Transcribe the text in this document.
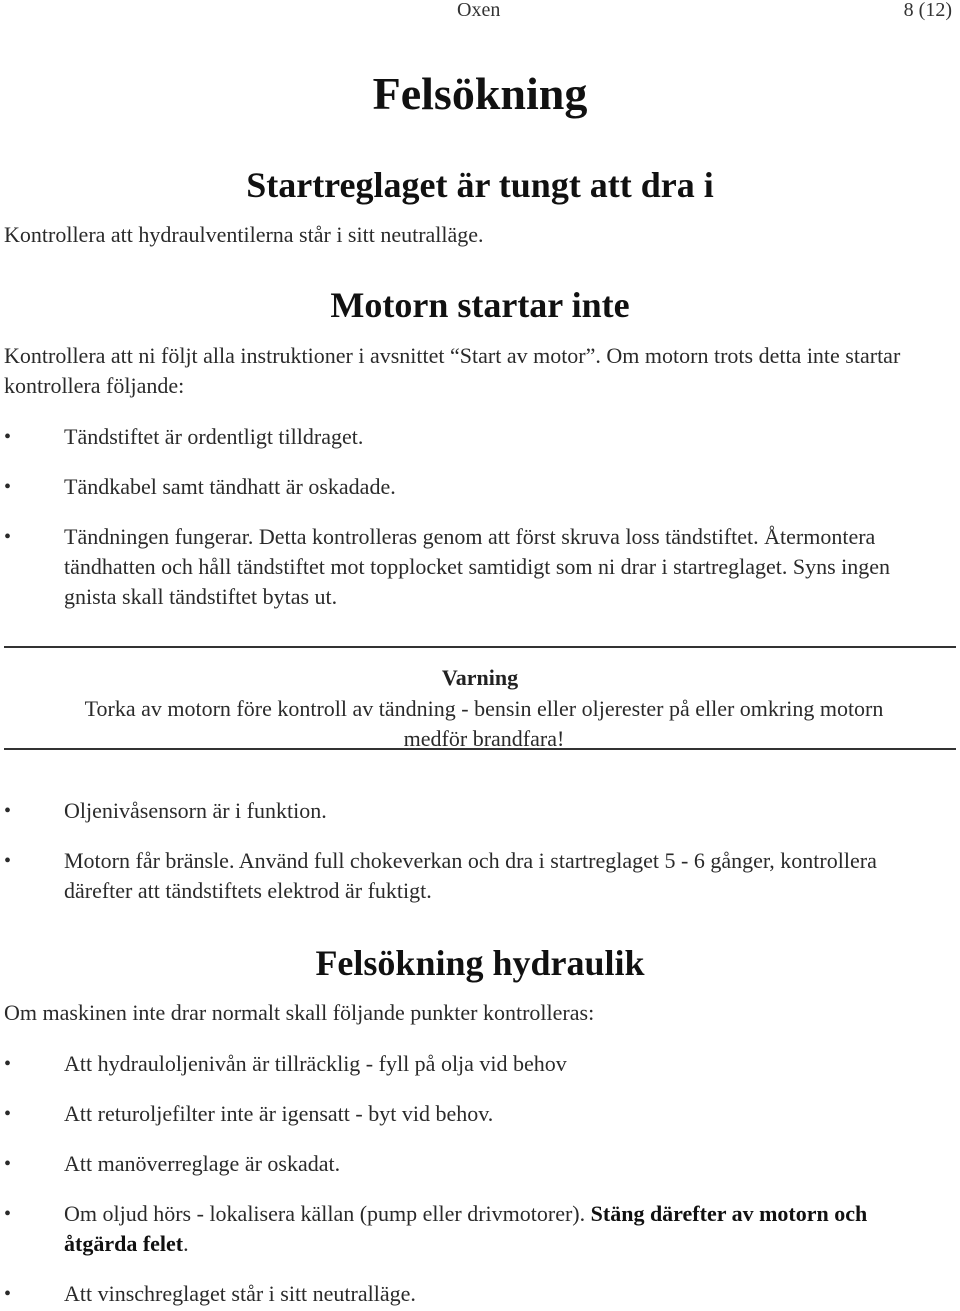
Oxen	8 (12)
Felsökning
Startreglaget är tungt att dra i
Kontrollera att hydraulventilerna står i sitt neutralläge.
Motorn startar inte
Kontrollera att ni följt alla instruktioner i avsnittet “Start av motor”. Om motorn trots detta inte startar kontrollera följande:
• Tändstiftet är ordentligt tilldraget.
• Tändkabel samt tändhatt är oskadade.
• Tändningen fungerar. Detta kontrolleras genom att först skruva loss tändstiftet. Återmontera tändhatten och håll tändstiftet mot topplocket samtidigt som ni drar i startreglaget. Syns ingen gnista skall tändstiftet bytas ut.
Varning
Torka av motorn före kontroll av tändning - bensin eller oljerester på eller omkring motorn medför brandfara!
• Oljenivåsensorn är i funktion.
• Motorn får bränsle. Använd full chokeverkan och dra i startreglaget 5 - 6 gånger, kontrollera därefter att tändstiftets elektrod är fuktigt.
Felsökning hydraulik
Om maskinen inte drar normalt skall följande punkter kontrolleras:
• Att hydrauloljenivån är tillräcklig - fyll på olja vid behov
• Att returoljefilter inte är igensatt - byt vid behov.
• Att manöverreglage är oskadat.
• Om oljud hörs - lokalisera källan (pump eller drivmotorer). Stäng därefter av motorn och åtgärda felet.
• Att vinschreglaget står i sitt neutralläge.
